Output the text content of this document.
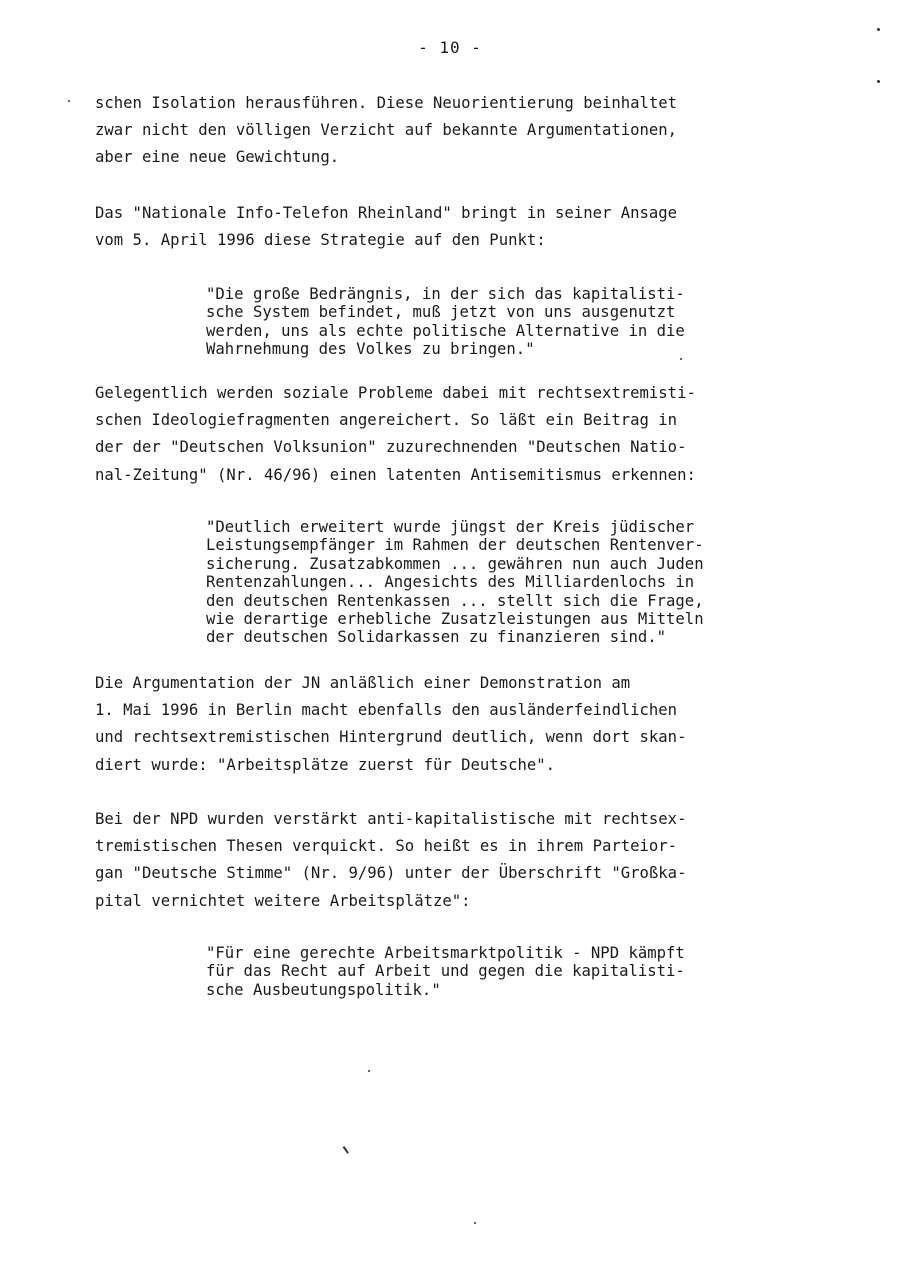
- 10 -

schen Isolation herausführen. Diese Neuorientierung beinhaltet
zwar nicht den völligen Verzicht auf bekannte Argumentationen,
aber eine neue Gewichtung.

Das "Nationale Info-Telefon Rheinland" bringt in seiner Ansage
vom 5. April 1996 diese Strategie auf den Punkt:

"Die große Bedrängnis, in der sich das kapitalisti-
sche System befindet, muß jetzt von uns ausgenutzt
werden, uns als echte politische Alternative in die
Wahrnehmung des Volkes zu bringen."

Gelegentlich werden soziale Probleme dabei mit rechtsextremisti-
schen Ideologiefragmenten angereichert. So läßt ein Beitrag in
der der "Deutschen Volksunion" zuzurechnenden "Deutschen Natio-
nal-Zeitung" (Nr. 46/96) einen latenten Antisemitismus erkennen:

"Deutlich erweitert wurde jüngst der Kreis jüdischer
Leistungsempfänger im Rahmen der deutschen Rentenver-
sicherung. Zusatzabkommen ... gewähren nun auch Juden
Rentenzahlungen... Angesichts des Milliardenlochs in
den deutschen Rentenkassen ... stellt sich die Frage,
wie derartige erhebliche Zusatzleistungen aus Mitteln
der deutschen Solidarkassen zu finanzieren sind."

Die Argumentation der JN anläßlich einer Demonstration am
1. Mai 1996 in Berlin macht ebenfalls den ausländerfeindlichen
und rechtsextremistischen Hintergrund deutlich, wenn dort skan-
diert wurde: "Arbeitsplätze zuerst für Deutsche".

Bei der NPD wurden verstärkt anti-kapitalistische mit rechtsex-
tremistischen Thesen verquickt. So heißt es in ihrem Parteior-
gan "Deutsche Stimme" (Nr. 9/96) unter der Überschrift "Großka-
pital vernichtet weitere Arbeitsplätze":

"Für eine gerechte Arbeitsmarktpolitik - NPD kämpft
für das Recht auf Arbeit und gegen die kapitalisti-
sche Ausbeutungspolitik."
